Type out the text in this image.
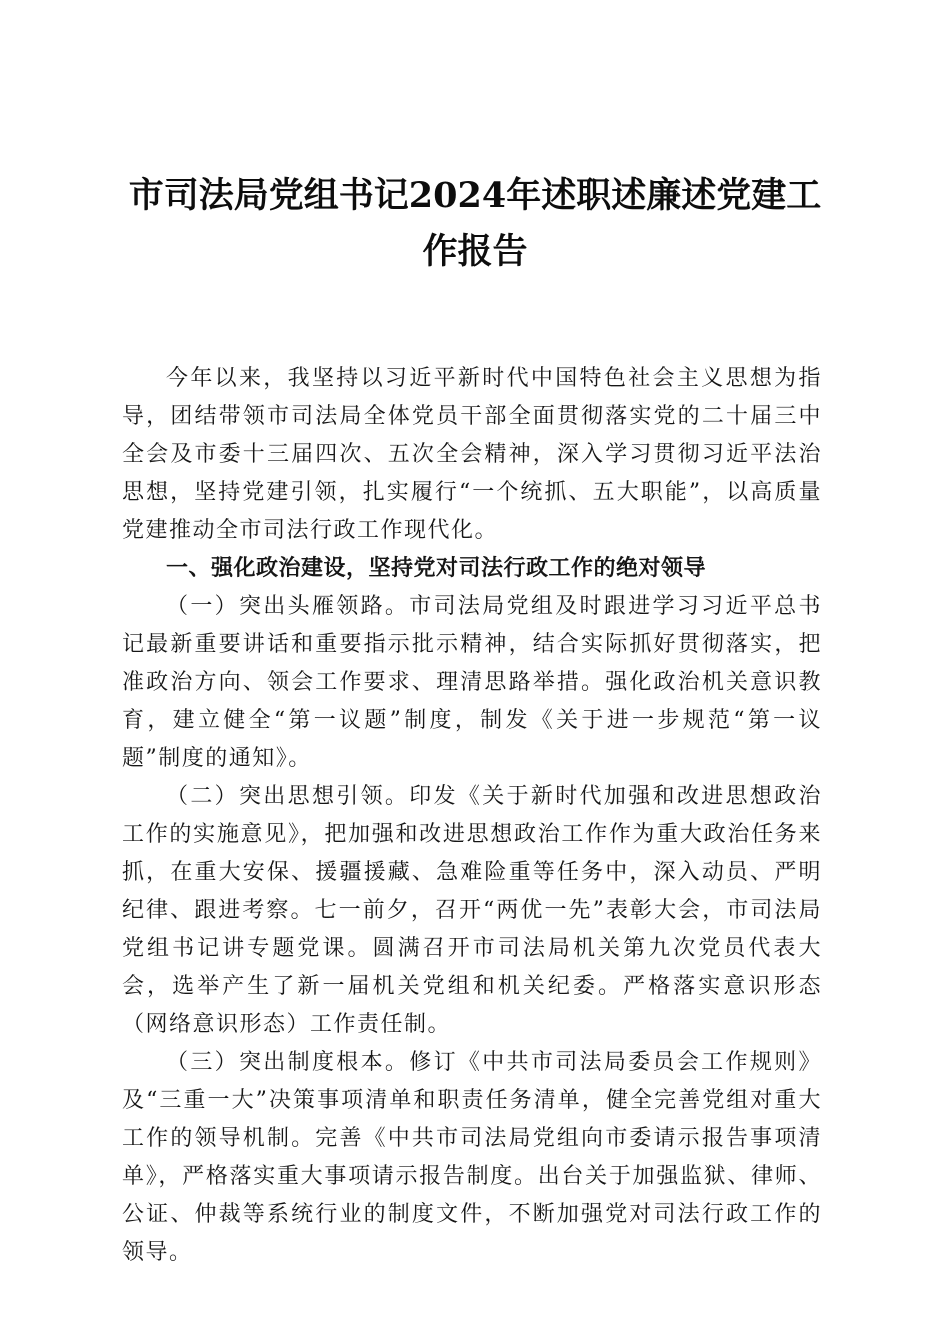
市司法局党组书记2024年述职述廉述党建工作报告

今年以来，我坚持以习近平新时代中国特色社会主义思想为指导，团结带领市司法局全体党员干部全面贯彻落实党的二十届三中全会及市委十三届四次、五次全会精神，深入学习贯彻习近平法治思想，坚持党建引领，扎实履行“一个统抓、五大职能”，以高质量党建推动全市司法行政工作现代化。

一、强化政治建设，坚持党对司法行政工作的绝对领导

（一）突出头雁领路。市司法局党组及时跟进学习习近平总书记最新重要讲话和重要指示批示精神，结合实际抓好贯彻落实，把准政治方向、领会工作要求、理清思路举措。强化政治机关意识教育，建立健全“第一议题”制度，制发《关于进一步规范“第一议题”制度的通知》。

（二）突出思想引领。印发《关于新时代加强和改进思想政治工作的实施意见》，把加强和改进思想政治工作作为重大政治任务来抓，在重大安保、援疆援藏、急难险重等任务中，深入动员、严明纪律、跟进考察。七一前夕，召开“两优一先”表彰大会，市司法局党组书记讲专题党课。圆满召开市司法局机关第九次党员代表大会，选举产生了新一届机关党组和机关纪委。严格落实意识形态（网络意识形态）工作责任制。

（三）突出制度根本。修订《中共市司法局委员会工作规则》及“三重一大”决策事项清单和职责任务清单，健全完善党组对重大工作的领导机制。完善《中共市司法局党组向市委请示报告事项清单》，严格落实重大事项请示报告制度。出台关于加强监狱、律师、公证、仲裁等系统行业的制度文件，不断加强党对司法行政工作的领导。
